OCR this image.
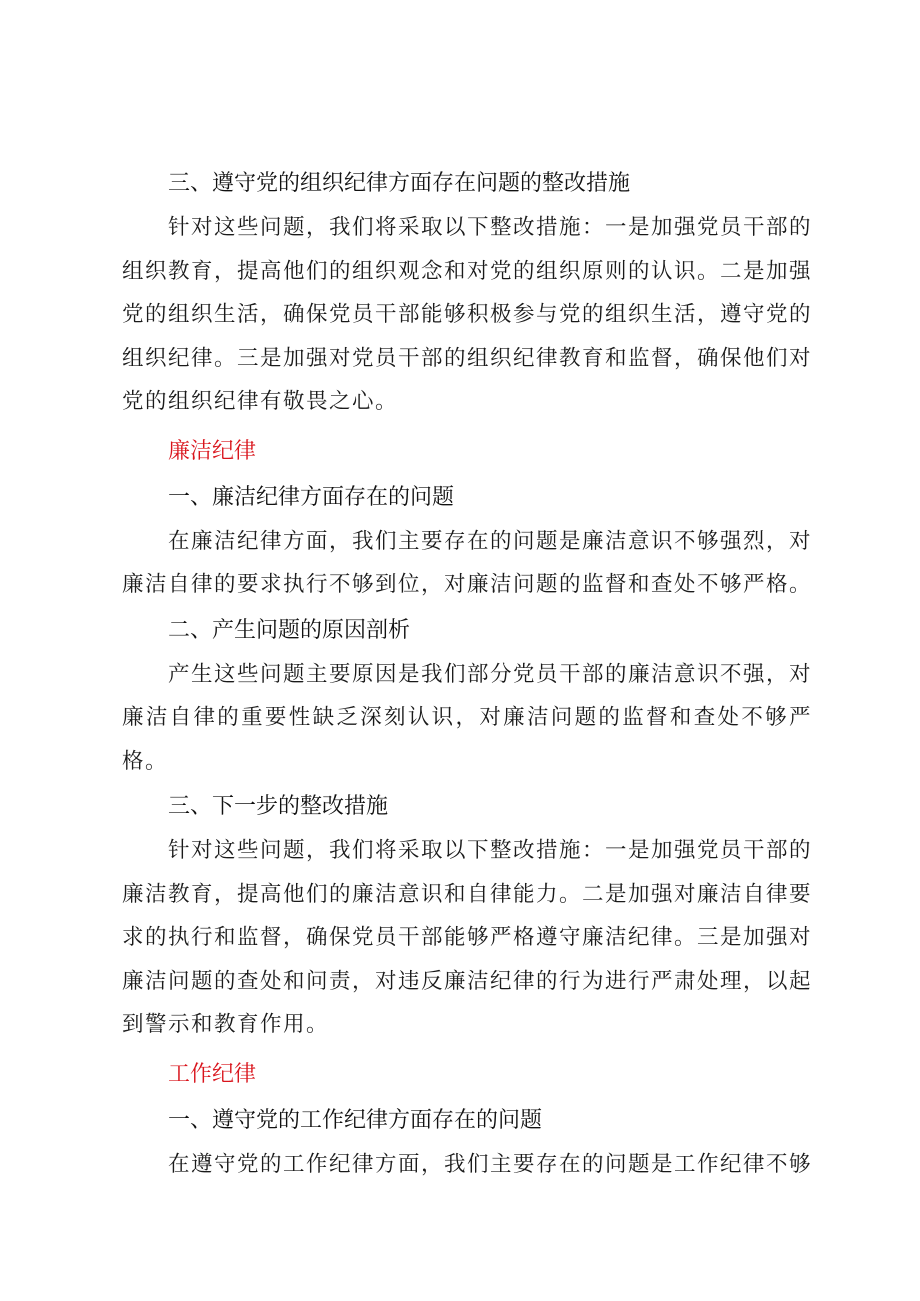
三、遵守党的组织纪律方面存在问题的整改措施

针对这些问题，我们将采取以下整改措施：一是加强党员干部的组织教育，提高他们的组织观念和对党的组织原则的认识。二是加强党的组织生活，确保党员干部能够积极参与党的组织生活，遵守党的组织纪律。三是加强对党员干部的组织纪律教育和监督，确保他们对党的组织纪律有敬畏之心。

廉洁纪律
一、廉洁纪律方面存在的问题

在廉洁纪律方面，我们主要存在的问题是廉洁意识不够强烈，对廉洁自律的要求执行不够到位，对廉洁问题的监督和查处不够严格。

二、产生问题的原因剖析

产生这些问题主要原因是我们部分党员干部的廉洁意识不强，对廉洁自律的重要性缺乏深刻认识，对廉洁问题的监督和查处不够严格。

三、下一步的整改措施

针对这些问题，我们将采取以下整改措施：一是加强党员干部的廉洁教育，提高他们的廉洁意识和自律能力。二是加强对廉洁自律要求的执行和监督，确保党员干部能够严格遵守廉洁纪律。三是加强对廉洁问题的查处和问责，对违反廉洁纪律的行为进行严肃处理，以起到警示和教育作用。

工作纪律
一、遵守党的工作纪律方面存在的问题

在遵守党的工作纪律方面，我们主要存在的问题是工作纪律不够
